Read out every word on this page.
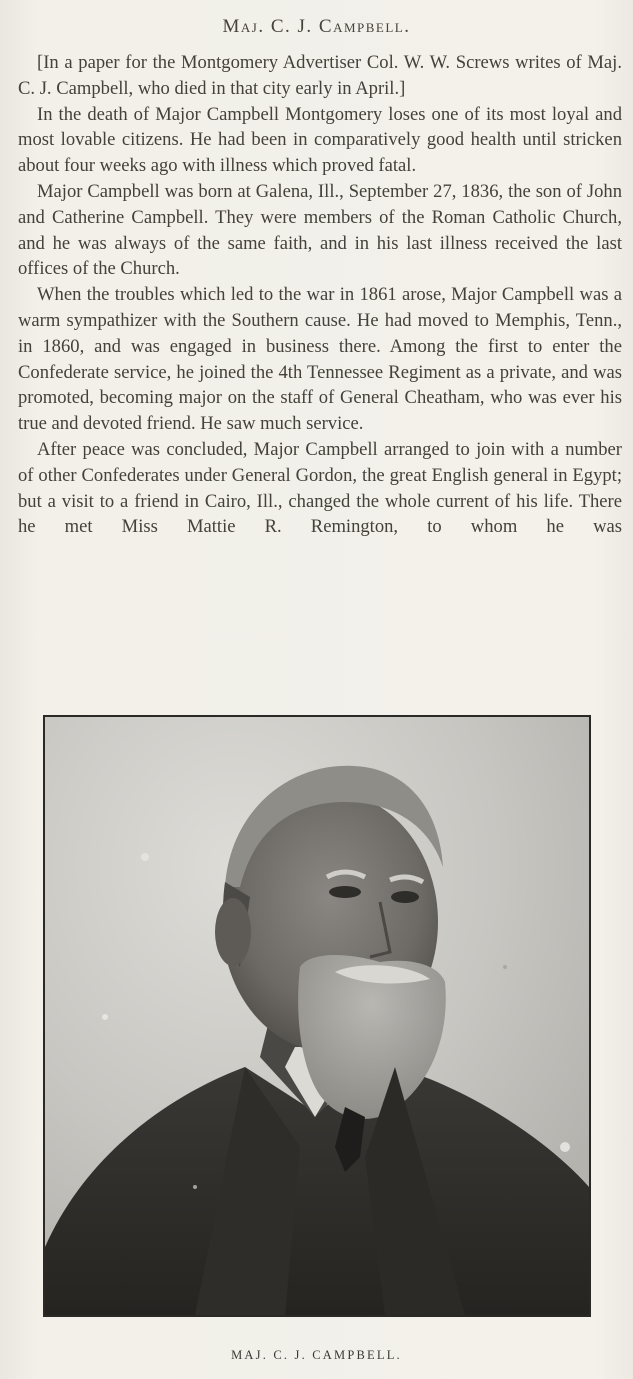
Maj. C. J. Campbell.

[In a paper for the Montgomery Advertiser Col. W. W. Screws writes of Maj. C. J. Campbell, who died in that city early in April.]

In the death of Major Campbell Montgomery loses one of its most loyal and most lovable citizens. He had been in comparatively good health until stricken about four weeks ago with illness which proved fatal.

Major Campbell was born at Galena, Ill., September 27, 1836, the son of John and Catherine Campbell. They were members of the Roman Catholic Church, and he was always of the same faith, and in his last illness received the last offices of the Church.

When the troubles which led to the war in 1861 arose, Major Campbell was a warm sympathizer with the Southern cause. He had moved to Memphis, Tenn., in 1860, and was engaged in business there. Among the first to enter the Confederate service, he joined the 4th Tennessee Regiment as a private, and was promoted, becoming major on the staff of General Cheatham, who was ever his true and devoted friend. He saw much service.

After peace was concluded, Major Campbell arranged to join with a number of other Confederates under General Gordon, the great English general in Egypt; but a visit to a friend in Cairo, Ill., changed the whole current of his life. There he met Miss Mattie R. Remington, to whom he was

MAJ. C. J. CAMPBELL.
